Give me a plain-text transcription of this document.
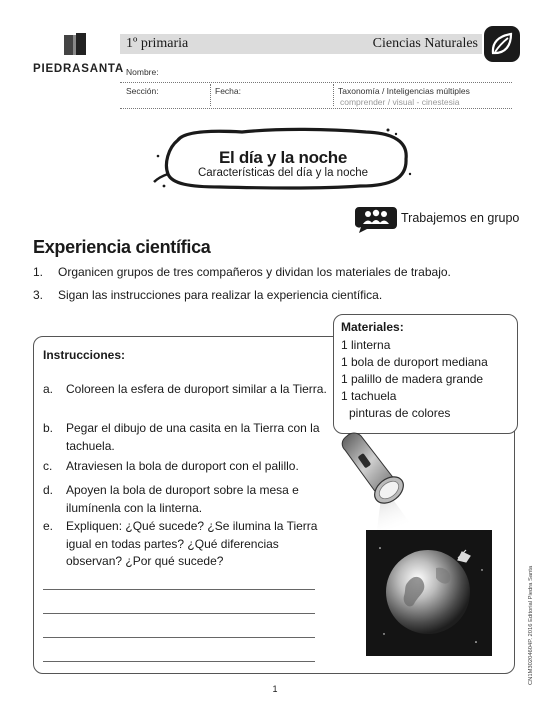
PIEDRASANTA
1º primaria	Ciencias Naturales
Nombre:
Sección:	Fecha:	Taxonomía / Inteligencias múltiples
comprender / visual - cinestesia
El día y la noche
Características del día y la noche
Trabajemos en grupo
Experiencia científica
1. Organicen grupos de tres compañeros y dividan los materiales de trabajo.
3. Sigan las instrucciones para realizar la experiencia científica.
Instrucciones:
a. Coloreen la esfera de duroport similar a la Tierra.
b. Pegar el dibujo de una casita en la Tierra con la tachuela.
c. Atraviesen la bola de duroport con el palillo.
d. Apoyen la bola de duroport sobre la mesa e ilumínenla con la linterna.
e. Expliquen: ¿Qué sucede? ¿Se ilumina la Tierra igual en todas partes? ¿Qué diferencias observan? ¿Por qué sucede?
Materiales:
1 linterna
1 bola de duroport mediana
1 palillo de madera grande
1 tachuela
pinturas de colores
CN1M30204604P. 2016 Editorial Piedra Santa
1
